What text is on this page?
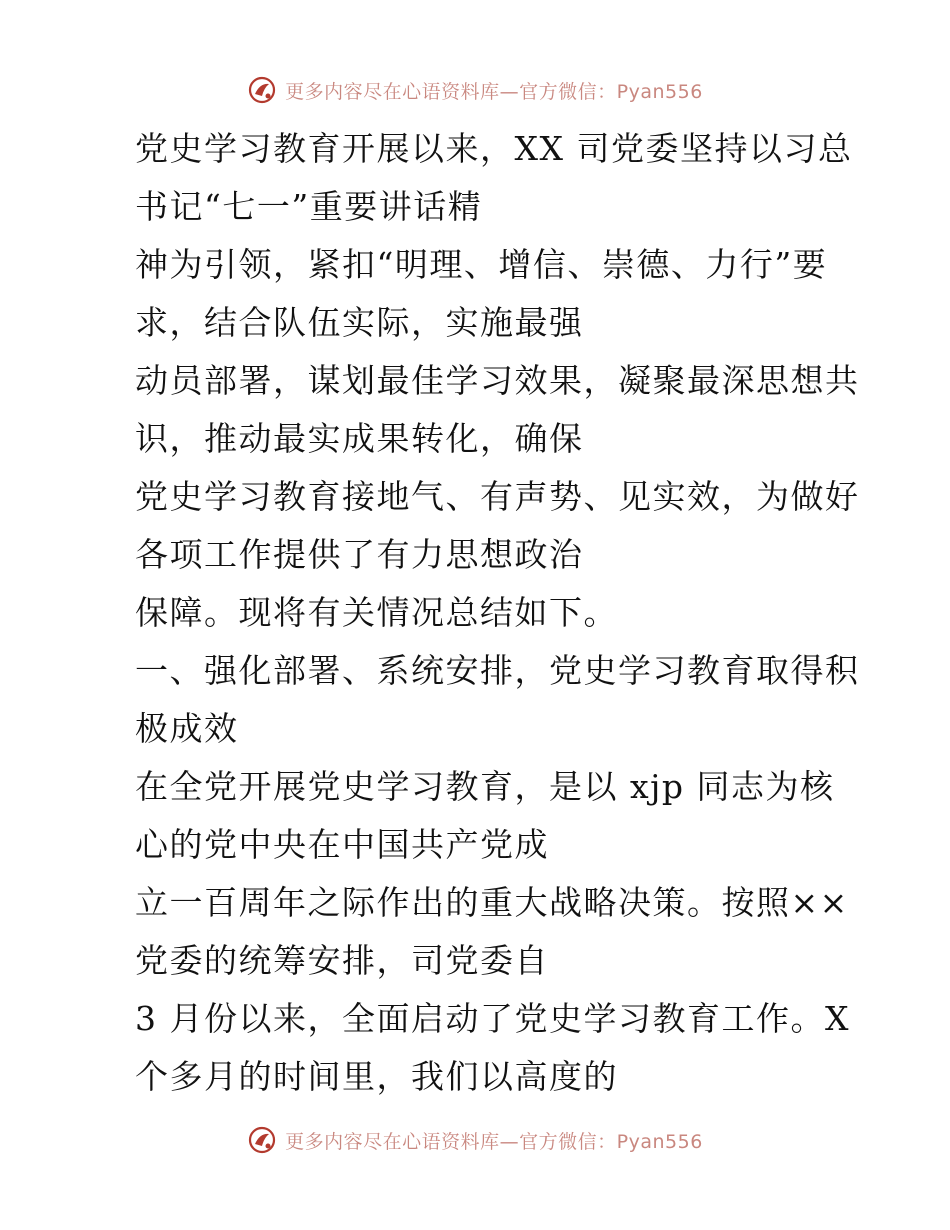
更多内容尽在心语资料库—官方微信：Pyan556

党史学习教育开展以来，XX 司党委坚持以习总
书记“七一”重要讲话精

神为引领，紧扣“明理、增信、崇德、力行”要
求，结合队伍实际，实施最强

动员部署，谋划最佳学习效果，凝聚最深思想共
识，推动最实成果转化，确保

党史学习教育接地气、有声势、见实效，为做好
各项工作提供了有力思想政治

保障。现将有关情况总结如下。

一、强化部署、系统安排，党史学习教育取得积
极成效

在全党开展党史学习教育，是以 xjp 同志为核
心的党中央在中国共产党成

立一百周年之际作出的重大战略决策。按照××
党委的统筹安排，司党委自

3 月份以来，全面启动了党史学习教育工作。X
个多月的时间里，我们以高度的

更多内容尽在心语资料库—官方微信：Pyan556
